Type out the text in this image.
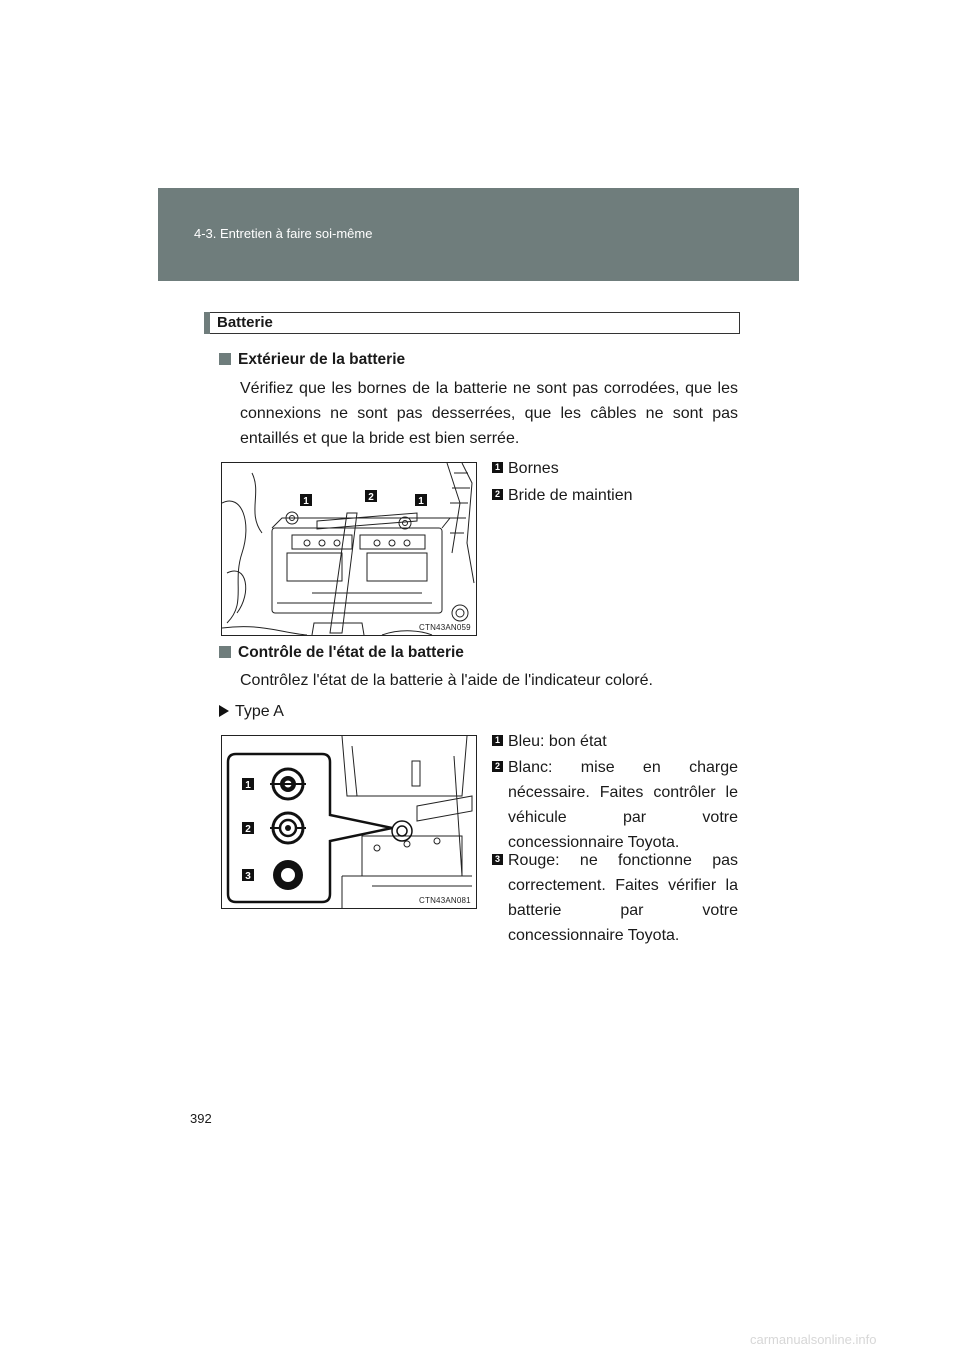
4-3. Entretien à faire soi-même
Batterie
Extérieur de la batterie
Vérifiez que les bornes de la batterie ne sont pas corrodées, que les connexions ne sont pas desserrées, que les câbles ne sont pas entaillés et que la bride est bien serrée.
1	2	1
CTN43AN059
1 Bornes
2 Bride de maintien
Contrôle de l'état de la batterie
Contrôlez l'état de la batterie à l'aide de l'indicateur coloré.
Type A
1
2
3
CTN43AN081
1 Bleu: bon état
2 Blanc: mise en charge nécessaire. Faites contrôler le véhicule par votre concessionnaire Toyota.
3 Rouge: ne fonctionne pas correctement. Faites vérifier la batterie par votre concessionnaire Toyota.
392
carmanualsonline.info
